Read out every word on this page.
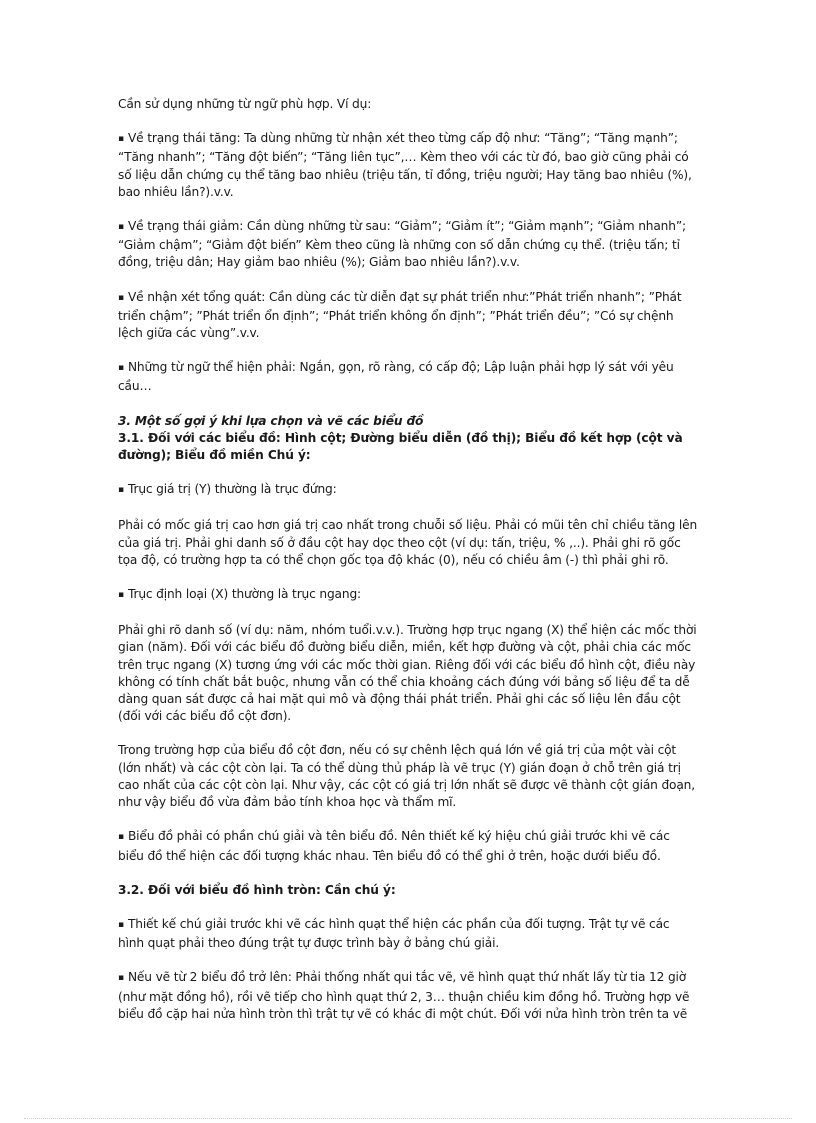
Cần sử dụng những từ ngữ phù hợp. Ví dụ:

▪ Về trạng thái tăng: Ta dùng những từ nhận xét theo từng cấp độ như: “Tăng”; “Tăng mạnh”; “Tăng nhanh”; “Tăng đột biến”; “Tăng liên tục”,… Kèm theo với các từ đó, bao giờ cũng phải có số liệu dẫn chứng cụ thể tăng bao nhiêu (triệu tấn, tỉ đồng, triệu người; Hay tăng bao nhiêu (%), bao nhiêu lần?).v.v.

▪ Về trạng thái giảm: Cần dùng những từ sau: “Giảm”; “Giảm ít”; “Giảm mạnh”; “Giảm nhanh”; “Giảm chậm”; “Giảm đột biến” Kèm theo cũng là những con số dẫn chứng cụ thể. (triệu tấn; tỉ đồng, triệu dân; Hay giảm bao nhiêu (%); Giảm bao nhiêu lần?).v.v.

▪ Về nhận xét tổng quát: Cần dùng các từ diễn đạt sự phát triển như:”Phát triển nhanh”; ”Phát triển chậm”; ”Phát triển ổn định”; “Phát triển không ổn định”; ”Phát triển đều”; ”Có sự chệnh lệch giữa các vùng”.v.v.

▪ Những từ ngữ thể hiện phải: Ngắn, gọn, rõ ràng, có cấp độ; Lập luận phải hợp lý sát với yêu cầu…

3. Một số gợi ý khi lựa chọn và vẽ các biểu đồ

3.1. Đối với các biểu đồ: Hình cột; Đường biểu diễn (đồ thị); Biểu đồ kết hợp (cột và đường); Biểu đồ miền Chú ý:

▪ Trục giá trị (Y) thường là trục đứng:

Phải có mốc giá trị cao hơn giá trị cao nhất trong chuỗi số liệu. Phải có mũi tên chỉ chiều tăng lên của giá trị. Phải ghi danh số ở đầu cột hay dọc theo cột (ví dụ: tấn, triệu, % ,..). Phải ghi rõ gốc tọa độ, có trường hợp ta có thể chọn gốc tọa độ khác (0), nếu có chiều âm (-) thì phải ghi rõ.

▪ Trục định loại (X) thường là trục ngang:

Phải ghi rõ danh số (ví dụ: năm, nhóm tuổi.v.v.). Trường hợp trục ngang (X) thể hiện các mốc thời gian (năm). Đối với các biểu đồ đường biểu diễn, miền, kết hợp đường và cột, phải chia các mốc trên trục ngang (X) tương ứng với các mốc thời gian. Riêng đối với các biểu đồ hình cột, điều này không có tính chất bắt buộc, nhưng vẫn có thể chia khoảng cách đúng với bảng số liệu để ta dễ dàng quan sát được cả hai mặt qui mô và động thái phát triển. Phải ghi các số liệu lên đầu cột (đối với các biểu đồ cột đơn).

Trong trường hợp của biểu đồ cột đơn, nếu có sự chênh lệch quá lớn về giá trị của một vài cột (lớn nhất) và các cột còn lại. Ta có thể dùng thủ pháp là vẽ trục (Y) gián đoạn ở chỗ trên giá trị cao nhất của các cột còn lại. Như vậy, các cột có giá trị lớn nhất sẽ được vẽ thành cột gián đoạn, như vậy biểu đồ vừa đảm bảo tính khoa học và thẩm mĩ.

▪ Biểu đồ phải có phần chú giải và tên biểu đồ. Nên thiết kế ký hiệu chú giải trước khi vẽ các biểu đồ thể hiện các đối tượng khác nhau. Tên biểu đồ có thể ghi ở trên, hoặc dưới biểu đồ.

3.2. Đối với biểu đồ hình tròn: Cần chú ý:

▪ Thiết kế chú giải trước khi vẽ các hình quạt thể hiện các phần của đối tượng. Trật tự vẽ các hình quạt phải theo đúng trật tự được trình bày ở bảng chú giải.

▪ Nếu vẽ từ 2 biểu đồ trở lên: Phải thống nhất qui tắc vẽ, vẽ hình quạt thứ nhất lấy từ tia 12 giờ (như mặt đồng hồ), rồi vẽ tiếp cho hình quạt thứ 2, 3… thuận chiều kim đồng hồ. Trường hợp vẽ biểu đồ cặp hai nửa hình tròn thì trật tự vẽ có khác đi một chút. Đối với nửa hình tròn trên ta vẽ
